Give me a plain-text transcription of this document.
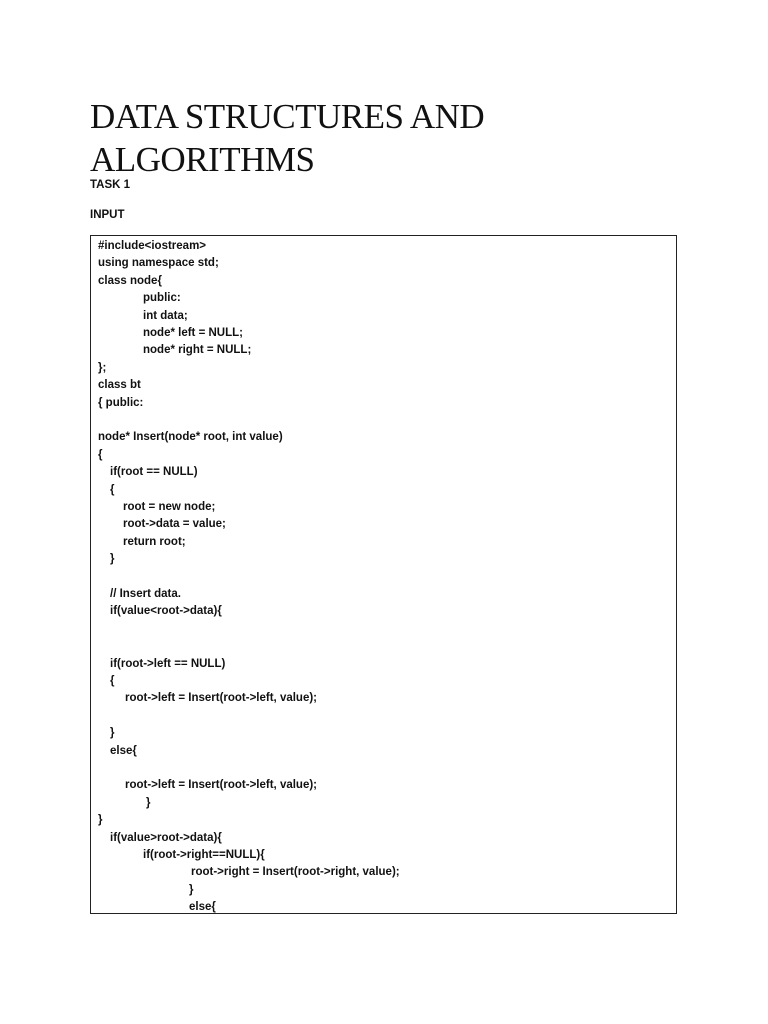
DATA STRUCTURES AND
ALGORITHMS

TASK 1

INPUT

#include<iostream>
using namespace std;
class node{
public:
int data;
node* left = NULL;
node* right = NULL;
};
class bt
{ public:
node* Insert(node* root, int value)
{
if(root == NULL)
{
root = new node;
root->data = value;
return root;
}
// Insert data.
if(value<root->data){
if(root->left == NULL)
{
root->left = Insert(root->left, value);
}
else{
root->left = Insert(root->left, value);
}
}
if(value>root->data){
if(root->right==NULL){
root->right = Insert(root->right, value);
}
else{
